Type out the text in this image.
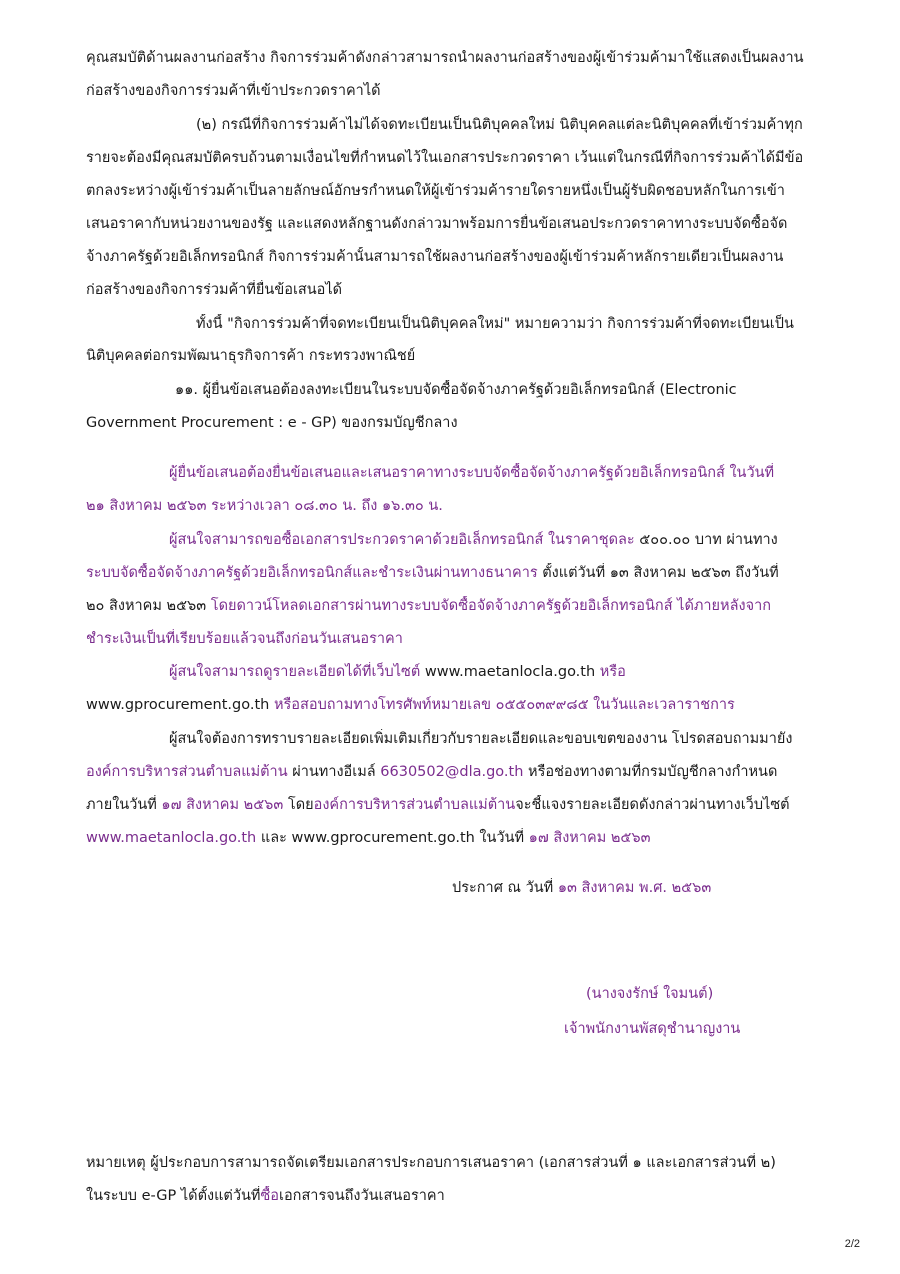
คุณสมบัติด้านผลงานก่อสร้าง กิจการร่วมค้าดังกล่าวสามารถนำผลงานก่อสร้างของผู้เข้าร่วมค้ามาใช้แสดงเป็นผลงาน
ก่อสร้างของกิจการร่วมค้าที่เข้าประกวดราคาได้
(๒) กรณีที่กิจการร่วมค้าไม่ได้จดทะเบียนเป็นนิติบุคคลใหม่ นิติบุคคลแต่ละนิติบุคคลที่เข้าร่วมค้าทุก
รายจะต้องมีคุณสมบัติครบถ้วนตามเงื่อนไขที่กำหนดไว้ในเอกสารประกวดราคา เว้นแต่ในกรณีที่กิจการร่วมค้าได้มีข้อ
ตกลงระหว่างผู้เข้าร่วมค้าเป็นลายลักษณ์อักษรกำหนดให้ผู้เข้าร่วมค้ารายใดรายหนึ่งเป็นผู้รับผิดชอบหลักในการเข้า
เสนอราคากับหน่วยงานของรัฐ และแสดงหลักฐานดังกล่าวมาพร้อมการยื่นข้อเสนอประกวดราคาทางระบบจัดซื้อจัด
จ้างภาครัฐด้วยอิเล็กทรอนิกส์ กิจการร่วมค้านั้นสามารถใช้ผลงานก่อสร้างของผู้เข้าร่วมค้าหลักรายเดียวเป็นผลงาน
ก่อสร้างของกิจการร่วมค้าที่ยื่นข้อเสนอได้
ทั้งนี้ "กิจการร่วมค้าที่จดทะเบียนเป็นนิติบุคคลใหม่" หมายความว่า กิจการร่วมค้าที่จดทะเบียนเป็น
นิติบุคคลต่อกรมพัฒนาธุรกิจการค้า กระทรวงพาณิชย์
๑๑. ผู้ยื่นข้อเสนอต้องลงทะเบียนในระบบจัดซื้อจัดจ้างภาครัฐด้วยอิเล็กทรอนิกส์ (Electronic
Government Procurement : e - GP) ของกรมบัญชีกลาง
ผู้ยื่นข้อเสนอต้องยื่นข้อเสนอและเสนอราคาทางระบบจัดซื้อจัดจ้างภาครัฐด้วยอิเล็กทรอนิกส์ ในวันที่
๒๑ สิงหาคม ๒๕๖๓ ระหว่างเวลา ๐๘.๓๐ น. ถึง ๑๖.๓๐ น.
ผู้สนใจสามารถขอซื้อเอกสารประกวดราคาด้วยอิเล็กทรอนิกส์ ในราคาชุดละ ๕๐๐.๐๐ บาท ผ่านทาง
ระบบจัดซื้อจัดจ้างภาครัฐด้วยอิเล็กทรอนิกส์และชำระเงินผ่านทางธนาคาร ตั้งแต่วันที่ ๑๓ สิงหาคม ๒๕๖๓ ถึงวันที่
๒๐ สิงหาคม ๒๕๖๓ โดยดาวน์โหลดเอกสารผ่านทางระบบจัดซื้อจัดจ้างภาครัฐด้วยอิเล็กทรอนิกส์ ได้ภายหลังจาก
ชำระเงินเป็นที่เรียบร้อยแล้วจนถึงก่อนวันเสนอราคา
ผู้สนใจสามารถดูรายละเอียดได้ที่เว็บไซต์ www.maetanlocla.go.th หรือ
www.gprocurement.go.th หรือสอบถามทางโทรศัพท์หมายเลข ๐๕๕๐๓๙๙๘๕ ในวันและเวลาราชการ
ผู้สนใจต้องการทราบรายละเอียดเพิ่มเติมเกี่ยวกับรายละเอียดและขอบเขตของงาน โปรดสอบถามมายัง
องค์การบริหารส่วนตำบลแม่ต้าน ผ่านทางอีเมล์ 6630502@dla.go.th หรือช่องทางตามที่กรมบัญชีกลางกำหนด
ภายในวันที่ ๑๗ สิงหาคม ๒๕๖๓ โดยองค์การบริหารส่วนตำบลแม่ต้านจะชี้แจงรายละเอียดดังกล่าวผ่านทางเว็บไซต์
www.maetanlocla.go.th และ www.gprocurement.go.th ในวันที่ ๑๗ สิงหาคม ๒๕๖๓
ประกาศ ณ วันที่ ๑๓ สิงหาคม พ.ศ. ๒๕๖๓
(นางจงรักษ์ ใจมนต์)
เจ้าพนักงานพัสดุชำนาญงาน
หมายเหตุ ผู้ประกอบการสามารถจัดเตรียมเอกสารประกอบการเสนอราคา (เอกสารส่วนที่ ๑ และเอกสารส่วนที่ ๒)
ในระบบ e-GP ได้ตั้งแต่วันที่ซื้อเอกสารจนถึงวันเสนอราคา
2/2
